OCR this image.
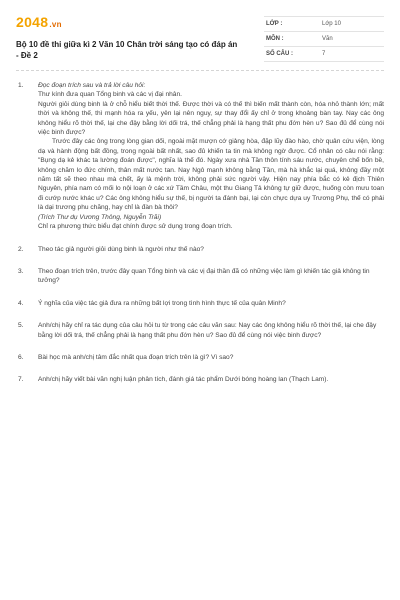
2048.vn
Bộ 10 đề thi giữa kì 2 Văn 10 Chân trời sáng tạo có đáp án - Đề 2
LỚP :	Lớp 10
MÔN :	Văn
SỐ CÂU :	7
1.	Đọc đoạn trích sau và trả lời câu hỏi:

Thư kính đưa quan Tổng binh và các vị đại nhân.

Người giỏi dùng binh là ở chỗ hiểu biết thời thế. Được thời và có thế thì biến mất thành còn, hóa nhỏ thành lớn; mất thời và không thế, thì mạnh hóa ra yếu, yên lại nên nguy, sự thay đổi ấy chỉ ở trong khoảng bàn tay. Nay các ông không hiểu rõ thời thế, lại che đậy bằng lời dối trá, thế chẳng phải là hạng thất phu đớn hèn u? Sao đủ để cùng nói việc binh được?

Trước đây các ông trong lòng gian dối, ngoài mặt mượn cớ giảng hòa, đặp lũy đào hào, chờ quân cứu viện, lòng dạ và hành động bất đồng, trong ngoài bất nhất, sao đủ khiến ta tin mà không ngờ được. Cổ nhân có câu nói rằng: "Bụng dạ kẻ khác ta lường đoán được", nghĩa là thế đó. Ngày xưa nhà Tần thôn tính sáu nước, chuyên chế bốn bề, không chăm lo đức chính, thân mất nước tan. Nay Ngô mạnh không bằng Tần, mà hà khắc lại quá, không đầy một năm tất sẽ theo nhau mà chết, ấy là mệnh trời, không phải sức người vậy. Hiện nay phía bắc có kẻ địch Thiên Nguyên, phía nam có mối lo nội loạn ở các xứ Tầm Châu, một thu Giang Tả không tự giữ được, huống còn mưu toan đi cướp nước khác u? Các ông không hiểu sự thế, bị người ta đánh bại, lại còn chực dựa uy Trương Phụ, thế có phải là dại trương phu chăng, hay chỉ là đàn bà thôi?

(Trích Thư dụ Vương Thông, Nguyễn Trãi)

Chỉ ra phương thức biểu đạt chính được sử dụng trong đoạn trích.

2.	Theo tác giả người giỏi dùng binh là người như thế nào?
3.	Theo đoạn trích trên, trước đây quan Tổng binh và các vị đại thần đã có những việc làm gì khiến tác giả không tin tưởng?
4.	Ý nghĩa của việc tác giả đưa ra những bất lợi trong tình hình thực tế của quân Minh?
5.	Anh/chị hãy chỉ ra tác dụng của câu hỏi tu từ trong các câu văn sau: Nay các ông không hiểu rõ thời thế, lại che đậy bằng lời dối trá, thế chẳng phải là hạng thất phu đớn hèn u? Sao đủ để cùng nói việc binh được?
6.	Bài học mà anh/chị tâm đắc nhất qua đoạn trích trên là gì? Vì sao?
7.	Anh/chị hãy viết bài văn nghị luận phân tích, đánh giá tác phẩm Dưới bóng hoàng lan (Thạch Lam).
